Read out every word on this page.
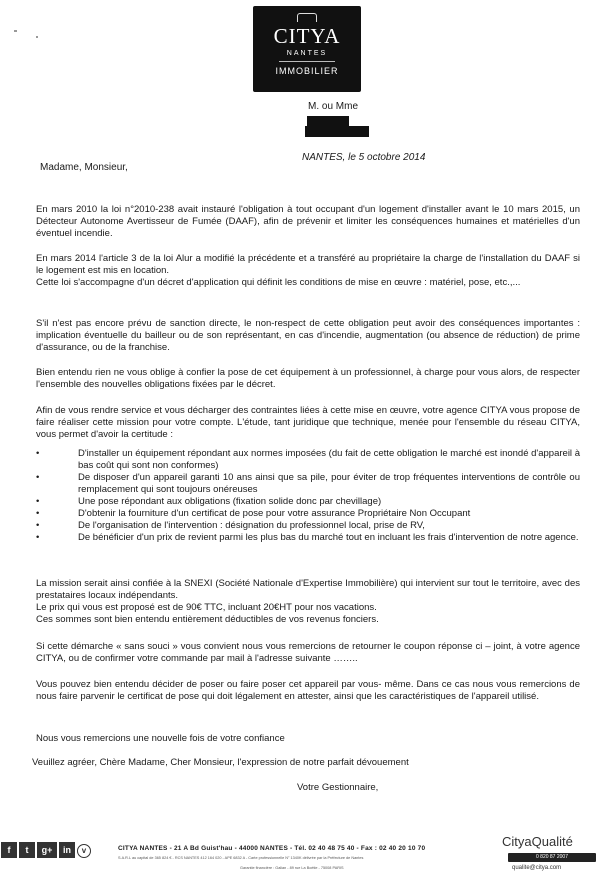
CITYA
NANTES
IMMOBILIER
M. ou Mme
NANTES, le 5 octobre 2014
Madame, Monsieur,

En mars 2010 la loi n°2010-238 avait instauré l'obligation à tout occupant d'un logement d'installer avant le 10 mars 2015, un Détecteur Autonome Avertisseur de Fumée (DAAF), afin de prévenir et limiter les conséquences humaines et matérielles d'un éventuel incendie.

En mars 2014 l'article 3 de la loi Alur a modifié la précédente et a transféré au propriétaire la charge de l'installation du DAAF si le logement est mis en location.

Cette loi s'accompagne d'un décret d'application qui définit les conditions de mise en œuvre : matériel, pose, etc.,...

S'il n'est pas encore prévu de sanction directe, le non-respect de cette obligation peut avoir des conséquences importantes : implication éventuelle du bailleur ou de son représentant, en cas d'incendie, augmentation (ou absence de réduction) de prime d'assurance, ou de la franchise.

Bien entendu rien ne vous oblige à confier la pose de cet équipement à un professionnel, à charge pour vous alors, de respecter l'ensemble des nouvelles obligations fixées par le décret.

Afin de vous rendre service et vous décharger des contraintes liées à cette mise en œuvre, votre agence CITYA vous propose de faire réaliser cette mission pour votre compte. L'étude, tant juridique que technique, menée pour l'ensemble du réseau CITYA, vous permet d'avoir la certitude :

•	D'installer un équipement répondant aux normes imposées (du fait de cette obligation le marché est inondé d'appareil à bas coût qui sont non conformes)
•	De disposer d'un appareil garanti 10 ans ainsi que sa pile, pour éviter de trop fréquentes interventions de contrôle ou remplacement qui sont toujours onéreuses
•	Une pose répondant aux obligations (fixation solide donc par chevillage)
•	D'obtenir la fourniture d'un certificat de pose pour votre assurance Propriétaire Non Occupant
•	De l'organisation de l'intervention : désignation du professionnel local, prise de RV,
•	De bénéficier d'un prix de revient parmi les plus bas du marché tout en incluant les frais d'intervention de notre agence.

La mission serait ainsi confiée à la SNEXI (Société Nationale d'Expertise Immobilière) qui intervient sur tout le territoire, avec des prestataires locaux indépendants.

Le prix qui vous est proposé est de 90€ TTC, incluant 20€HT pour nos vacations.

Ces sommes sont bien entendu entièrement déductibles de vos revenus fonciers.

Si cette démarche « sans souci » vous convient nous vous remercions de retourner le coupon réponse ci – joint, à votre agence CITYA, ou de confirmer votre commande par mail à l'adresse suivante ……..

Vous pouvez bien entendu décider de poser ou faire poser cet appareil par vous- même. Dans ce cas nous vous remercions de nous faire parvenir le certificat de pose qui doit légalement en attester, ainsi que les caractéristiques de l'appareil utilisé.

Nous vous remercions une nouvelle fois de votre confiance
Veuillez agréer, Chère Madame, Cher Monsieur, l'expression de notre parfait dévouement
Votre Gestionnaire,
f	t	g+	in	v	CITYA NANTES - 21 A Bd Guist'hau - 44000 NANTES - Tél. 02 40 48 75 40 - Fax : 02 40 20 10 70
S.A.R.L au capital de 365 824 € - RCS NANTES 412 164 020 - APE 6832 A - Carte professionnelle N° 1340K délivrée par la Préfecture de Nantes
Garantie financière : Galian - 89 rue La Boétie - 75008 PARIS
CityaQualité
0 820 87 2007
qualite@citya.com
